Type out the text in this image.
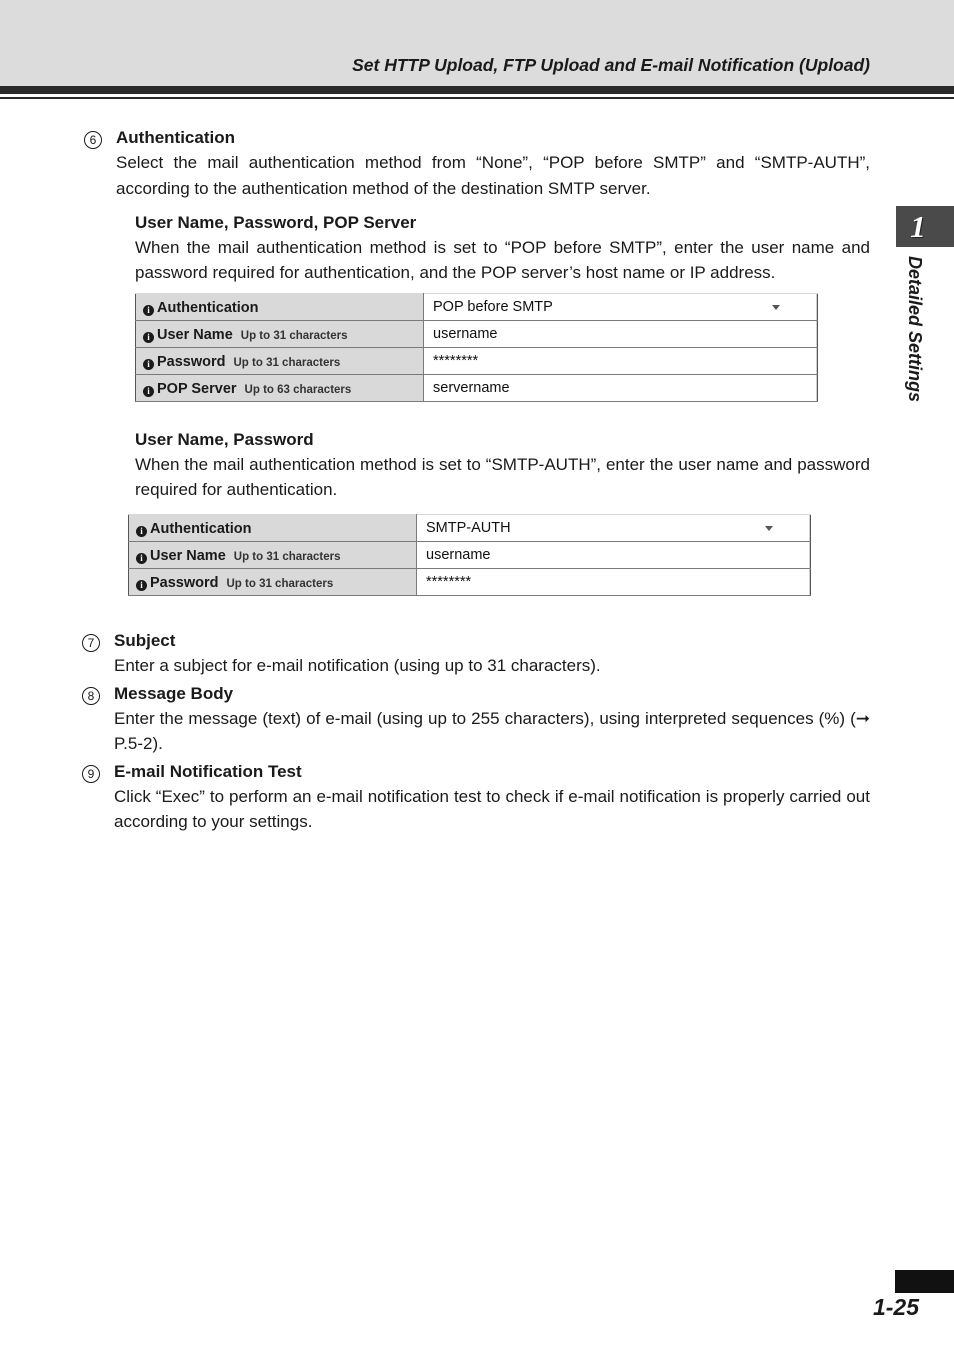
Set HTTP Upload, FTP Upload and E-mail Notification (Upload)
1
Detailed Settings
6	Authentication
Select the mail authentication method from “None”, “POP before SMTP” and “SMTP-AUTH”, according to the authentication method of the destination SMTP server.
User Name, Password, POP Server
When the mail authentication method is set to “POP before SMTP”, enter the user name and password required for authentication, and the POP server’s host name or IP address.
i Authentication	POP before SMTP

i User Name Up to 31 characters	username

i Password Up to 31 characters	********

i POP Server Up to 63 characters	servername
User Name, Password
When the mail authentication method is set to “SMTP-AUTH”, enter the user name and password required for authentication.
i Authentication	SMTP-AUTH

i User Name Up to 31 characters	username

i Password Up to 31 characters	********
7	Subject
Enter a subject for e-mail notification (using up to 31 characters).
8	Message Body
Enter the message (text) of e-mail (using up to 255 characters), using interpreted sequences (%) (➞ P.5-2).
9	E-mail Notification Test
Click “Exec” to perform an e-mail notification test to check if e-mail notification is properly carried out according to your settings.
1-25
